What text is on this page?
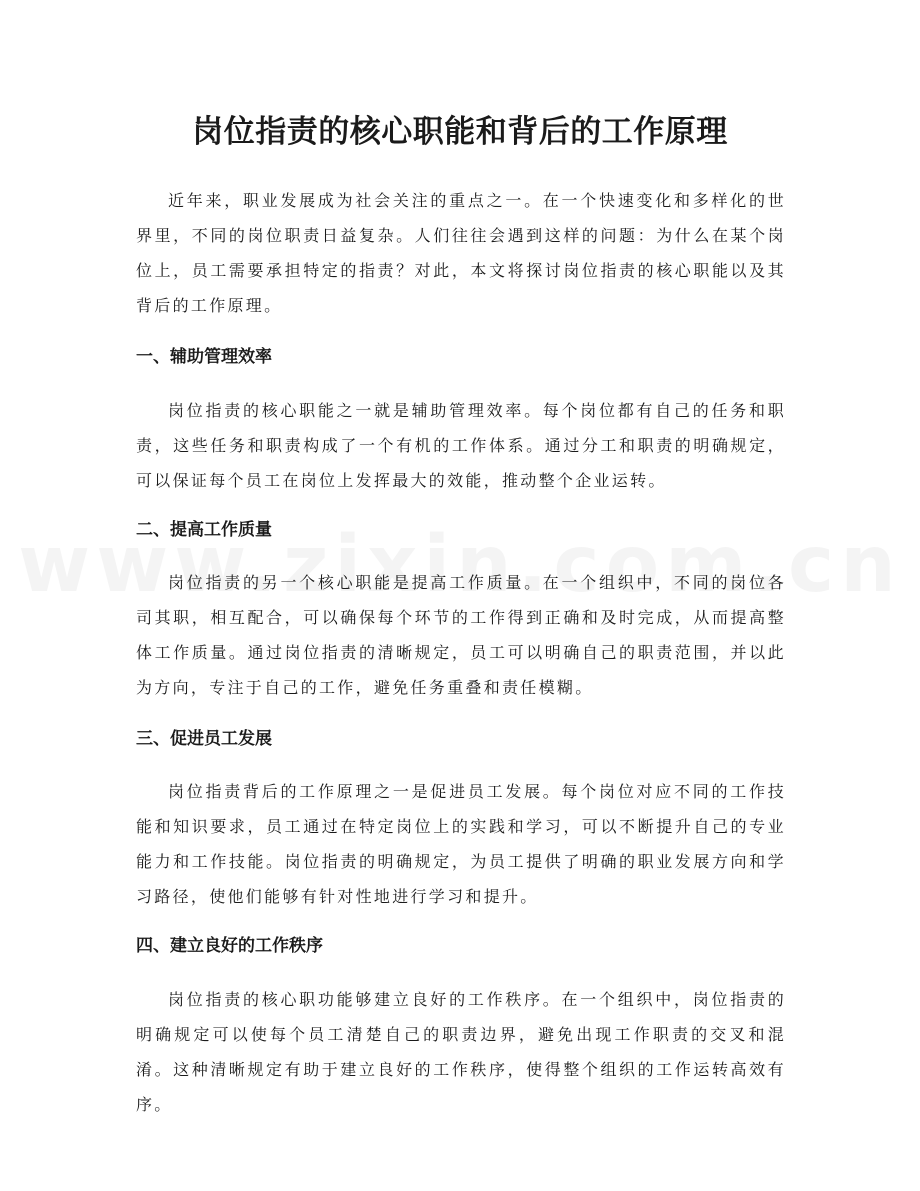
岗位指责的核心职能和背后的工作原理

近年来，职业发展成为社会关注的重点之一。在一个快速变化和多样化的世界里，不同的岗位职责日益复杂。人们往往会遇到这样的问题：为什么在某个岗位上，员工需要承担特定的指责？对此，本文将探讨岗位指责的核心职能以及其背后的工作原理。

一、辅助管理效率

岗位指责的核心职能之一就是辅助管理效率。每个岗位都有自己的任务和职责，这些任务和职责构成了一个有机的工作体系。通过分工和职责的明确规定，可以保证每个员工在岗位上发挥最大的效能，推动整个企业运转。

二、提高工作质量

岗位指责的另一个核心职能是提高工作质量。在一个组织中，不同的岗位各司其职，相互配合，可以确保每个环节的工作得到正确和及时完成，从而提高整体工作质量。通过岗位指责的清晰规定，员工可以明确自己的职责范围，并以此为方向，专注于自己的工作，避免任务重叠和责任模糊。

三、促进员工发展

岗位指责背后的工作原理之一是促进员工发展。每个岗位对应不同的工作技能和知识要求，员工通过在特定岗位上的实践和学习，可以不断提升自己的专业能力和工作技能。岗位指责的明确规定，为员工提供了明确的职业发展方向和学习路径，使他们能够有针对性地进行学习和提升。

四、建立良好的工作秩序

岗位指责的核心职功能够建立良好的工作秩序。在一个组织中，岗位指责的明确规定可以使每个员工清楚自己的职责边界，避免出现工作职责的交叉和混淆。这种清晰规定有助于建立良好的工作秩序，使得整个组织的工作运转高效有序。
